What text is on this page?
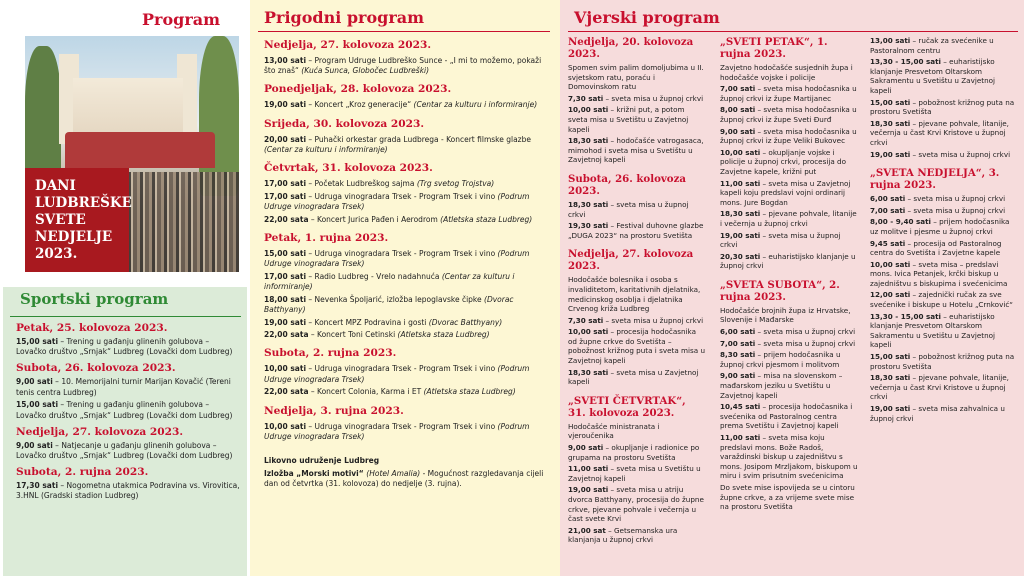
Program
DANI
LUDBREŠKE
SVETE
NEDJELJE
2023.
Sportski program
Petak, 25. kolovoza 2023.
15,00 sati – Trening u gađanju glinenih golubova – Lovačko društvo „Srnjak“ Ludbreg (Lovački dom Ludbreg)
Subota, 26. kolovoza 2023.
9,00 sati – 10. Memorijalni turnir Marijan Kovačić (Tereni tenis centra Ludbreg)
15,00 sati – Trening u gađanju glinenih golubova – Lovačko društvo „Srnjak“ Ludbreg (Lovački dom Ludbreg)
Nedjelja, 27. kolovoza 2023.
9,00 sati – Natjecanje u gađanju glinenih golubova – Lovačko društvo „Srnjak“ Ludbreg (Lovački dom Ludbreg)
Subota, 2. rujna 2023.
17,30 sati – Nogometna utakmica Podravina vs. Virovitica, 3.HNL (Gradski stadion Ludbreg)
Prigodni program
Nedjelja, 27. kolovoza 2023.
13,00 sati – Program Udruge Ludbreško Sunce - „I mi to možemo, pokaži što znaš“ (Kuća Sunca, Globočec Ludbreški)
Ponedjeljak, 28. kolovoza 2023.
19,00 sati – Koncert „Kroz generacije“ (Centar za kulturu i informiranje)
Srijeda, 30. kolovoza 2023.
20,00 sati – Puhački orkestar grada Ludbrega - Koncert filmske glazbe (Centar za kulturu i informiranje)
Četvrtak, 31. kolovoza 2023.
17,00 sati – Početak Ludbreškog sajma (Trg svetog Trojstva)
17,00 sati – Udruga vinogradara Trsek - Program Trsek i vino (Podrum Udruge vinogradara Trsek)
22,00 sata – Koncert Jurica Pađen i Aerodrom (Atletska staza Ludbreg)
Petak, 1. rujna 2023.
15,00 sati – Udruga vinogradara Trsek - Program Trsek i vino (Podrum Udruge vinogradara Trsek)
17,00 sati – Radio Ludbreg - Vrelo nadahnuća (Centar za kulturu i informiranje)
18,00 sati – Nevenka Špoljarić, izložba lepoglavske čipke (Dvorac Batthyany)
19,00 sati – Koncert MPZ Podravina i gosti (Dvorac Batthyany)
22,00 sata – Koncert Toni Cetinski (Atletska staza Ludbreg)
Subota, 2. rujna 2023.
10,00 sati – Udruga vinogradara Trsek - Program Trsek i vino (Podrum Udruge vinogradara Trsek)
22,00 sata – Koncert Colonia, Karma i ET (Atletska staza Ludbreg)
Nedjelja, 3. rujna 2023.
10,00 sati – Udruga vinogradara Trsek - Program Trsek i vino (Podrum Udruge vinogradara Trsek)
Likovno udruženje Ludbreg
Izložba „Morski motivi“ (Hotel Amalia) - Mogućnost razgledavanja cijeli dan od četvrtka (31. kolovoza) do nedjelje (3. rujna).
Vjerski program
Nedjelja, 20. kolovoza 2023.
Spomen svim palim domoljubima u II. svjetskom ratu, poraću i Domovinskom ratu
7,30 sati – sveta misa u župnoj crkvi
10,00 sati – križni put, a potom sveta misa u Svetištu u Zavjetnoj kapeli
18,30 sati – hodočašće vatrogasaca, mimohod i sveta misa u Svetištu u Zavjetnoj kapeli
Subota, 26. kolovoza 2023.
18,30 sati – sveta misa u župnoj crkvi
19,30 sati – Festival duhovne glazbe „DUGA 2023“ na prostoru Svetišta
Nedjelja, 27. kolovoza 2023.
Hodočašće bolesnika i osoba s invaliditetom, karitativnih djelatnika, medicinskog osoblja i djelatnika Crvenog križa Ludbreg
7,30 sati – sveta misa u župnoj crkvi
10,00 sati – procesija hodočasnika od župne crkve do Svetišta – pobožnost križnog puta i sveta misa u Zavjetnoj kapeli
18,30 sati – sveta misa u Zavjetnoj kapeli
„SVETI ČETVRTAK“, 31. kolovoza 2023.
Hodočašće ministranata i vjeroučenika
9,00 sati – okupljanje i radionice po grupama na prostoru Svetišta
11,00 sati – sveta misa u Svetištu u Zavjetnoj kapeli
19,00 sati – sveta misa u atriju dvorca Batthyany, procesija do župne crkve, pjevane pohvale i večernja u čast svete Krvi
21,00 sat – Getsemanska ura klanjanja u župnoj crkvi
„SVETI PETAK“, 1. rujna 2023.
Zavjetno hodočašće susjednih župa i hodočašće vojske i policije
7,00 sati – sveta misa hodočasnika u župnoj crkvi iz župe Martijanec
8,00 sati – sveta misa hodočasnika u župnoj crkvi iz župe Sveti Đurđ
9,00 sati – sveta misa hodočasnika u župnoj crkvi iz župe Veliki Bukovec
10,00 sati – okupljanje vojske i policije u župnoj crkvi, procesija do Zavjetne kapele, križni put
11,00 sati – sveta misa u Zavjetnoj kapeli koju predslavi vojni ordinarij mons. Jure Bogdan
18,30 sati – pjevane pohvale, litanije i večernja u župnoj crkvi
19,00 sati – sveta misa u župnoj crkvi
20,30 sati – euharistijsko klanjanje u župnoj crkvi
„SVETA SUBOTA“, 2. rujna 2023.
Hodočašće brojnih župa iz Hrvatske, Slovenije i Mađarske
6,00 sati – sveta misa u župnoj crkvi
7,00 sati – sveta misa u župnoj crkvi
8,30 sati – prijem hodočasnika u župnoj crkvi pjesmom i molitvom
9,00 sati – misa na slovenskom – mađarskom jeziku u Svetištu u Zavjetnoj kapeli
10,45 sati – procesija hodočasnika i svećenika od Pastoralnog centra prema Svetištu i Zavjetnoj kapeli
11,00 sati – sveta misa koju predslavi mons. Bože Radoš, varaždinski biskup u zajedništvu s mons. Josipom Mrzljakom, biskupom u miru i svim prisutnim svećenicima
Do svete mise ispovijeda se u cintoru župne crkve, a za vrijeme svete mise na prostoru Svetišta
13,00 sati – ručak za svećenike u Pastoralnom centru
13,30 - 15,00 sati – euharistijsko klanjanje Presvetom Oltarskom Sakramentu u Svetištu u Zavjetnoj kapeli
15,00 sati – pobožnost križnog puta na prostoru Svetišta
18,30 sati – pjevane pohvale, litanije, večernja u čast Krvi Kristove u župnoj crkvi
19,00 sati – sveta misa u župnoj crkvi
„SVETA NEDJELJA“, 3. rujna 2023.
6,00 sati – sveta misa u župnoj crkvi
7,00 sati – sveta misa u župnoj crkvi
8,00 - 9,40 sati – prijem hodočasnika uz molitve i pjesme u župnoj crkvi
9,45 sati – procesija od Pastoralnog centra do Svetišta i Zavjetne kapele
10,00 sati – sveta misa – predslavi mons. Ivica Petanjek, krčki biskup u zajedništvu s biskupima i svećenicima
12,00 sati – zajednički ručak za sve svećenike i biskupe u Hotelu „Crnković“
13,30 - 15,00 sati – euharistijsko klanjanje Presvetom Oltarskom Sakramentu u Svetištu u Zavjetnoj kapeli
15,00 sati – pobožnost križnog puta na prostoru Svetišta
18,30 sati – pjevane pohvale, litanije, večernja u čast Krvi Kristove u župnoj crkvi
19,00 sati – sveta misa zahvalnica u župnoj crkvi
